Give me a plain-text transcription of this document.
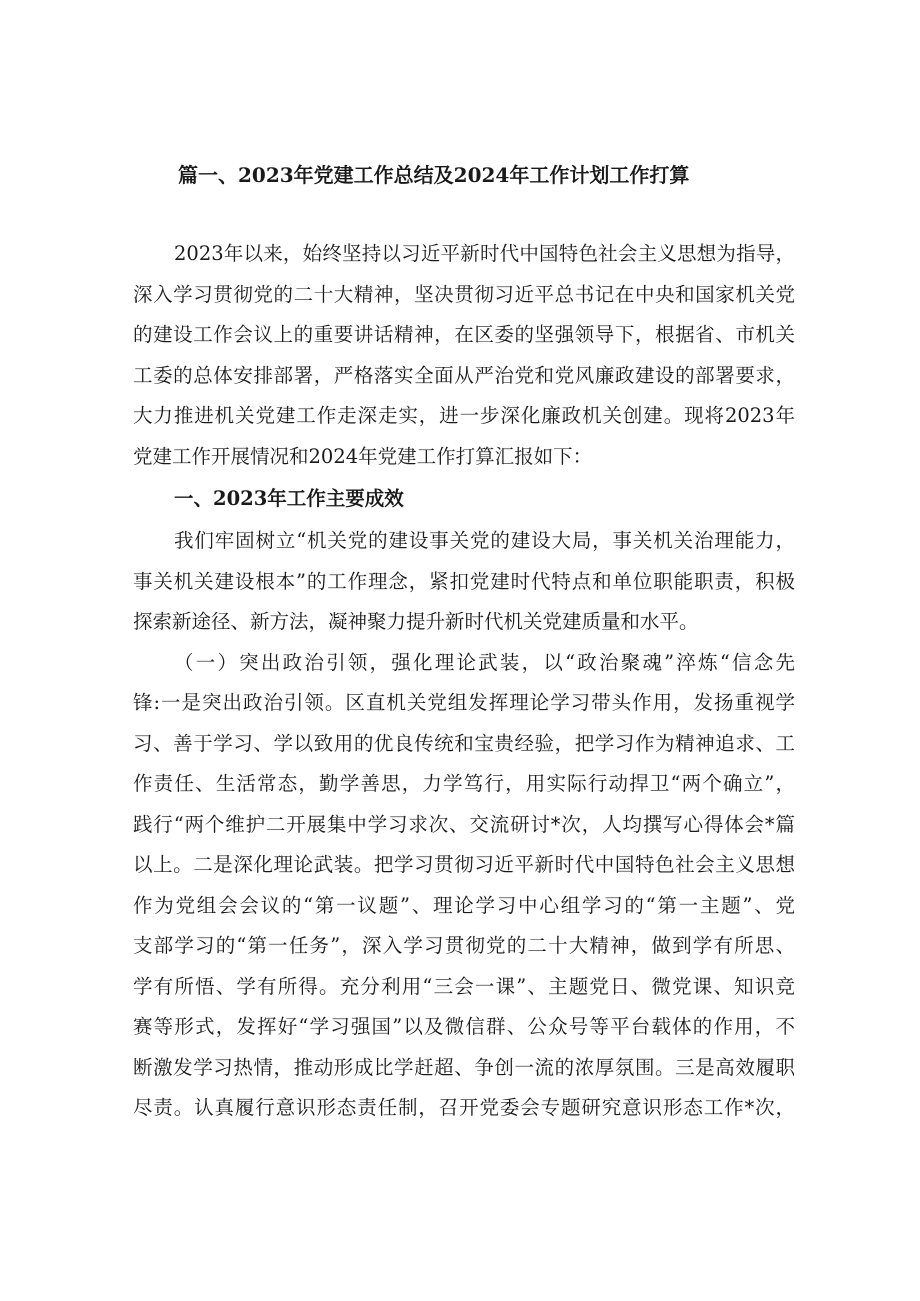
篇一、2023年党建工作总结及2024年工作计划工作打算
2023年以来，始终坚持以习近平新时代中国特色社会主义思想为指导，
深入学习贯彻党的二十大精神，坚决贯彻习近平总书记在中央和国家机关党
的建设工作会议上的重要讲话精神，在区委的坚强领导下，根据省、市机关
工委的总体安排部署，严格落实全面从严治党和党风廉政建设的部署要求，
大力推进机关党建工作走深走实，进一步深化廉政机关创建。现将2023年
党建工作开展情况和2024年党建工作打算汇报如下：
一、2023年工作主要成效
我们牢固树立“机关党的建设事关党的建设大局，事关机关治理能力，
事关机关建设根本”的工作理念，紧扣党建时代特点和单位职能职责，积极
探索新途径、新方法，凝神聚力提升新时代机关党建质量和水平。
（一）突出政治引领，强化理论武装，以“政治聚魂”淬炼“信念先
锋:一是突出政治引领。区直机关党组发挥理论学习带头作用，发扬重视学
习、善于学习、学以致用的优良传统和宝贵经验，把学习作为精神追求、工
作责任、生活常态，勤学善思，力学笃行，用实际行动捍卫“两个确立”，
践行“两个维护二开展集中学习求次、交流研讨*次，人均撰写心得体会*篇
以上。二是深化理论武装。把学习贯彻习近平新时代中国特色社会主义思想
作为党组会会议的“第一议题”、理论学习中心组学习的“第一主题”、党
支部学习的“第一任务”，深入学习贯彻党的二十大精神，做到学有所思、
学有所悟、学有所得。充分利用“三会一课”、主题党日、微党课、知识竞
赛等形式，发挥好“学习强国”以及微信群、公众号等平台载体的作用，不
断激发学习热情，推动形成比学赶超、争创一流的浓厚氛围。三是高效履职
尽责。认真履行意识形态责任制，召开党委会专题研究意识形态工作*次，
